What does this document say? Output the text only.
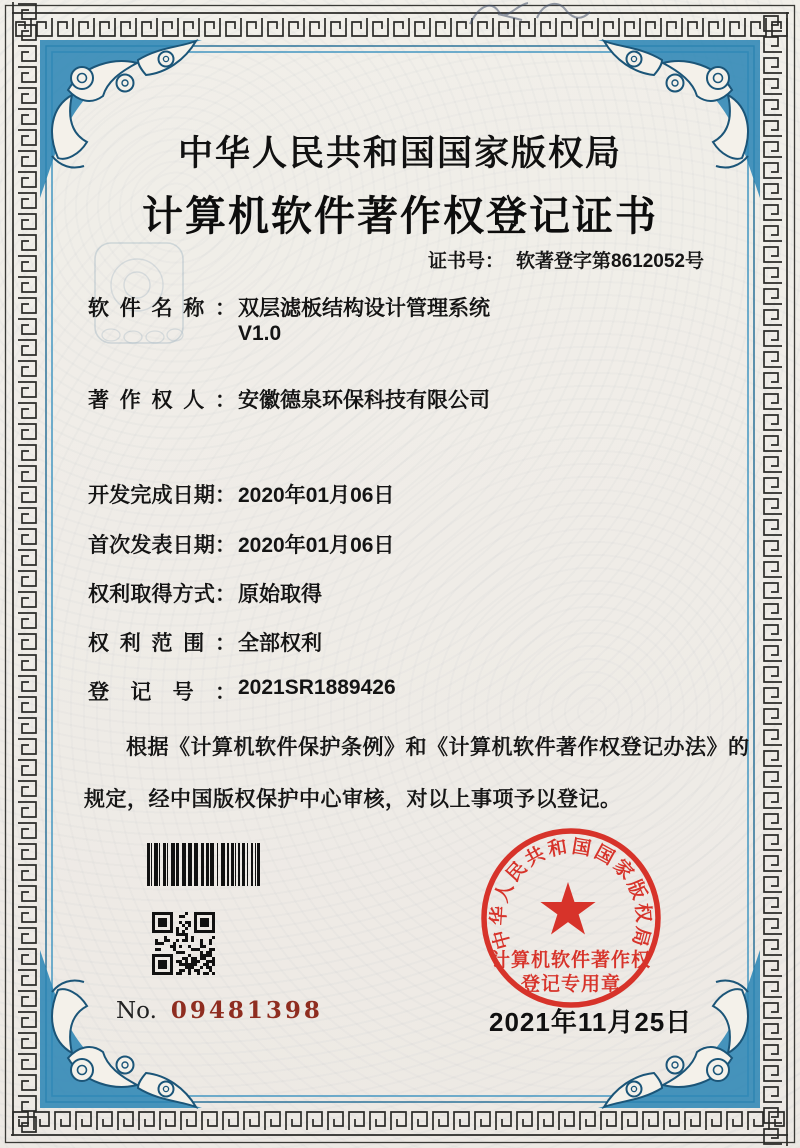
中华人民共和国国家版权局
计算机软件著作权登记证书
证书号： 软著登字第8612052号
软件名称：双层滤板结构设计管理系统
V1.0
著作权人：安徽德泉环保科技有限公司
开发完成日期：2020年01月06日
首次发表日期：2020年01月06日
权利取得方式：原始取得
权利范围：全部权利
登记号：2021SR1889426
根据《计算机软件保护条例》和《计算机软件著作权登记办法》的
规定，经中国版权保护中心审核，对以上事项予以登记。
No. 09481398
中华人民共和国国家版权局
计算机软件著作权
登记专用章
2021年11月25日
